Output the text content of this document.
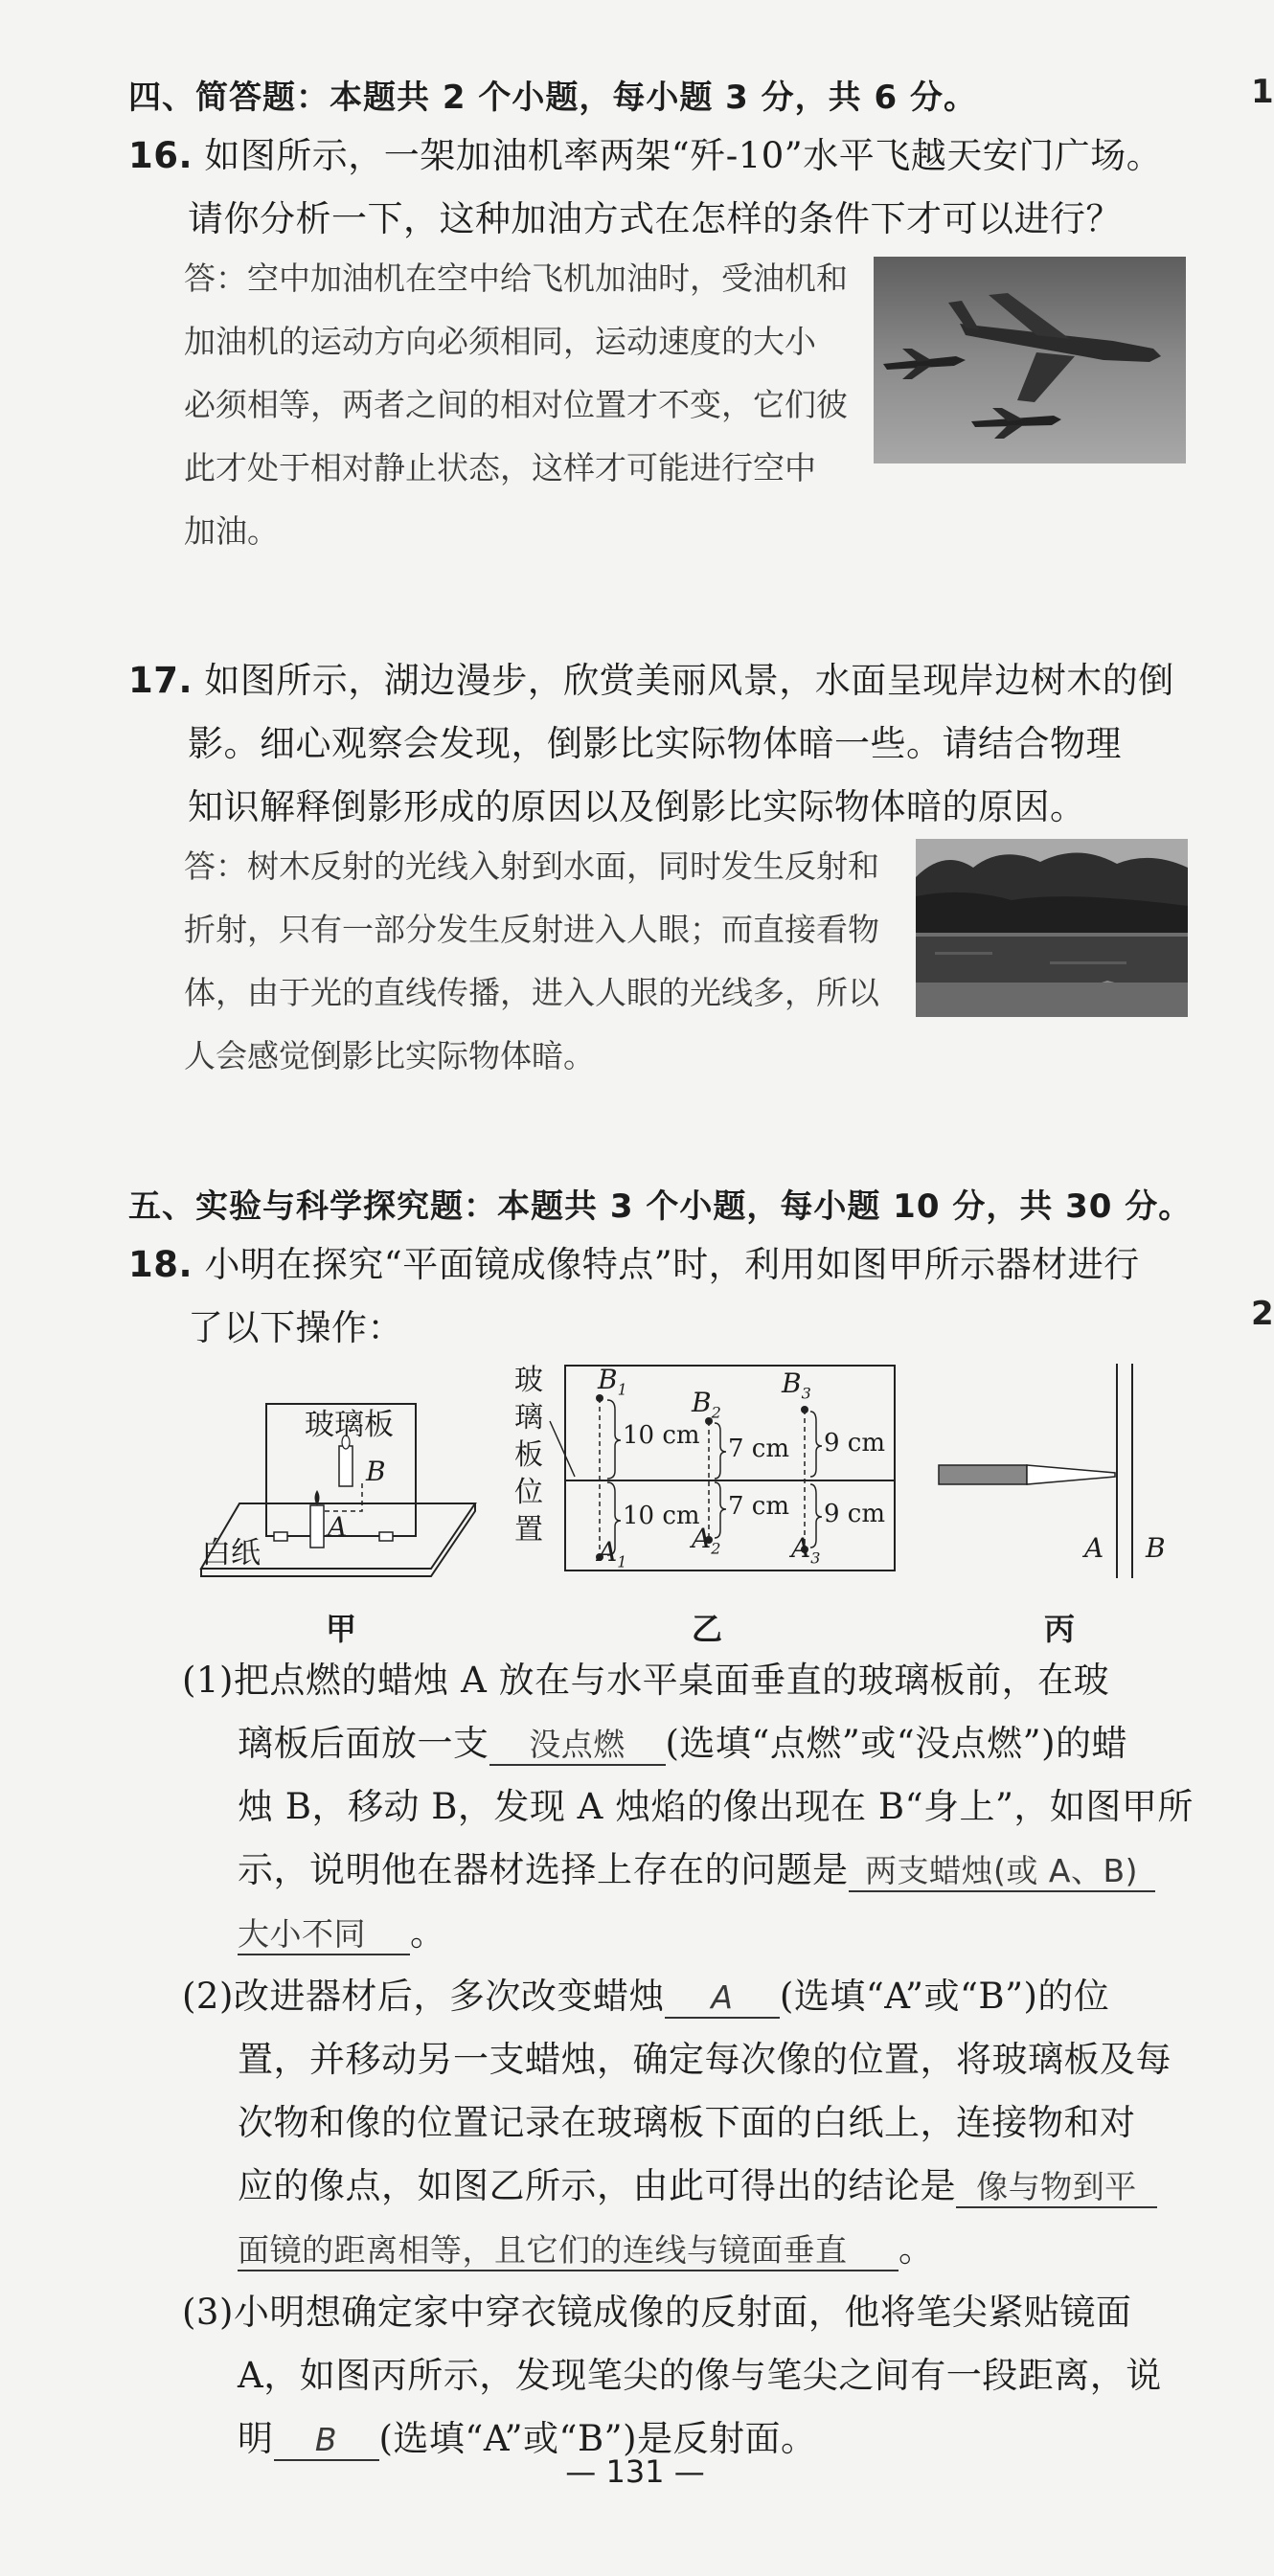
1
2
四、简答题：本题共 2 个小题，每小题 3 分，共 6 分。
16. 如图所示，一架加油机率两架“歼-10”水平飞越天安门广场。
请你分析一下，这种加油方式在怎样的条件下才可以进行？
答：空中加油机在空中给飞机加油时，受油机和
加油机的运动方向必须相同，运动速度的大小
必须相等，两者之间的相对位置才不变，它们彼
此才处于相对静止状态，这样才可能进行空中
加油。
17. 如图所示，湖边漫步，欣赏美丽风景，水面呈现岸边树木的倒
影。细心观察会发现，倒影比实际物体暗一些。请结合物理
知识解释倒影形成的原因以及倒影比实际物体暗的原因。
答：树木反射的光线入射到水面，同时发生反射和
折射，只有一部分发生反射进入人眼；而直接看物
体，由于光的直线传播，进入人眼的光线多，所以
人会感觉倒影比实际物体暗。
五、实验与科学探究题：本题共 3 个小题，每小题 10 分，共 30 分。
18. 小明在探究“平面镜成像特点”时，利用如图甲所示器材进行
了以下操作：
玻璃板
白纸
A
B
甲
玻
璃
板
位
置
$B_1$ $B_2$
$B_3$
$A_1$
$A_2$	$A_3$
10 cm
10 cm
7 cm
7 cm
9 cm
9 cm
乙
A B
丙
(1)把点燃的蜡烛 A 放在与水平桌面垂直的玻璃板前，在玻
璃板后面放一支 没点燃 (选填“点燃”或“没点燃”)的蜡
烛 B，移动 B，发现 A 烛焰的像出现在 B“身上”，如图甲所
示，说明他在器材选择上存在的问题是 两支蜡烛(或 A、B)
大小不同 。
(2)改进器材后，多次改变蜡烛 A (选填“A”或“B”)的位
置，并移动另一支蜡烛，确定每次像的位置，将玻璃板及每
次物和像的位置记录在玻璃板下面的白纸上，连接物和对
应的像点，如图乙所示，由此可得出的结论是 像与物到平
面镜的距离相等，且它们的连线与镜面垂直 。
(3)小明想确定家中穿衣镜成像的反射面，他将笔尖紧贴镜面
A，如图丙所示，发现笔尖的像与笔尖之间有一段距离，说
明 B (选填“A”或“B”)是反射面。
— 131 —
